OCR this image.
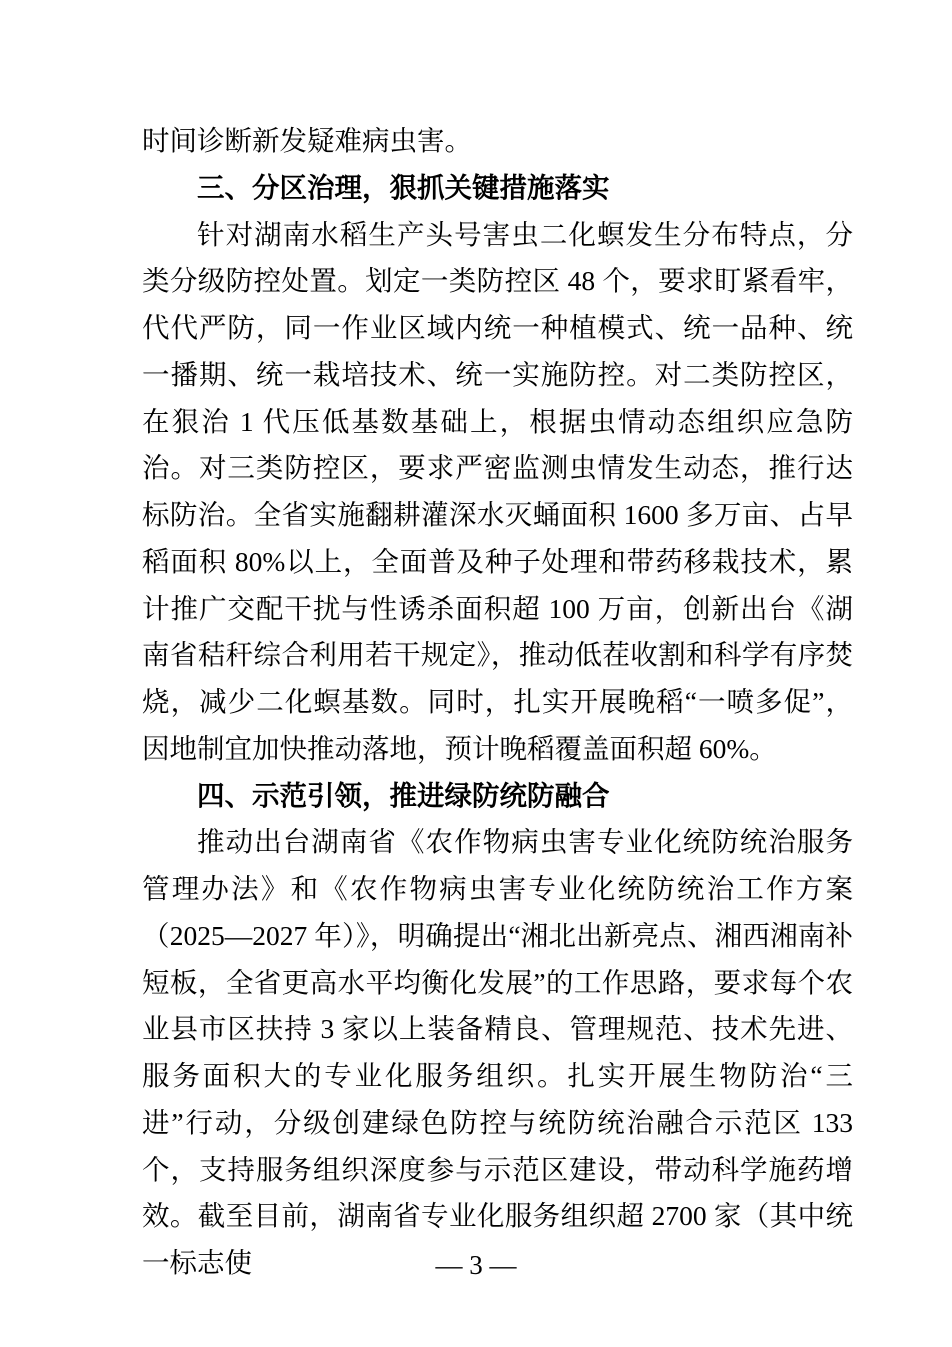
时间诊断新发疑难病虫害。

三、分区治理，狠抓关键措施落实

针对湖南水稻生产头号害虫二化螟发生分布特点，分类分级防控处置。划定一类防控区 48 个，要求盯紧看牢，代代严防，同一作业区域内统一种植模式、统一品种、统一播期、统一栽培技术、统一实施防控。对二类防控区，在狠治 1 代压低基数基础上，根据虫情动态组织应急防治。对三类防控区，要求严密监测虫情发生动态，推行达标防治。全省实施翻耕灌深水灭蛹面积 1600 多万亩、占早稻面积 80%以上，全面普及种子处理和带药移栽技术，累计推广交配干扰与性诱杀面积超 100 万亩，创新出台《湖南省秸秆综合利用若干规定》，推动低茬收割和科学有序焚烧，减少二化螟基数。同时，扎实开展晚稻“一喷多促”，因地制宜加快推动落地，预计晚稻覆盖面积超 60%。

四、示范引领，推进绿防统防融合

推动出台湖南省《农作物病虫害专业化统防统治服务管理办法》和《农作物病虫害专业化统防统治工作方案（2025—2027 年）》，明确提出“湘北出新亮点、湘西湘南补短板，全省更高水平均衡化发展”的工作思路，要求每个农业县市区扶持 3 家以上装备精良、管理规范、技术先进、服务面积大的专业化服务组织。扎实开展生物防治“三进”行动，分级创建绿色防控与统防统治融合示范区 133 个，支持服务组织深度参与示范区建设，带动科学施药增效。截至目前，湖南省专业化服务组织超 2700 家（其中统一标志使	— 3 —
